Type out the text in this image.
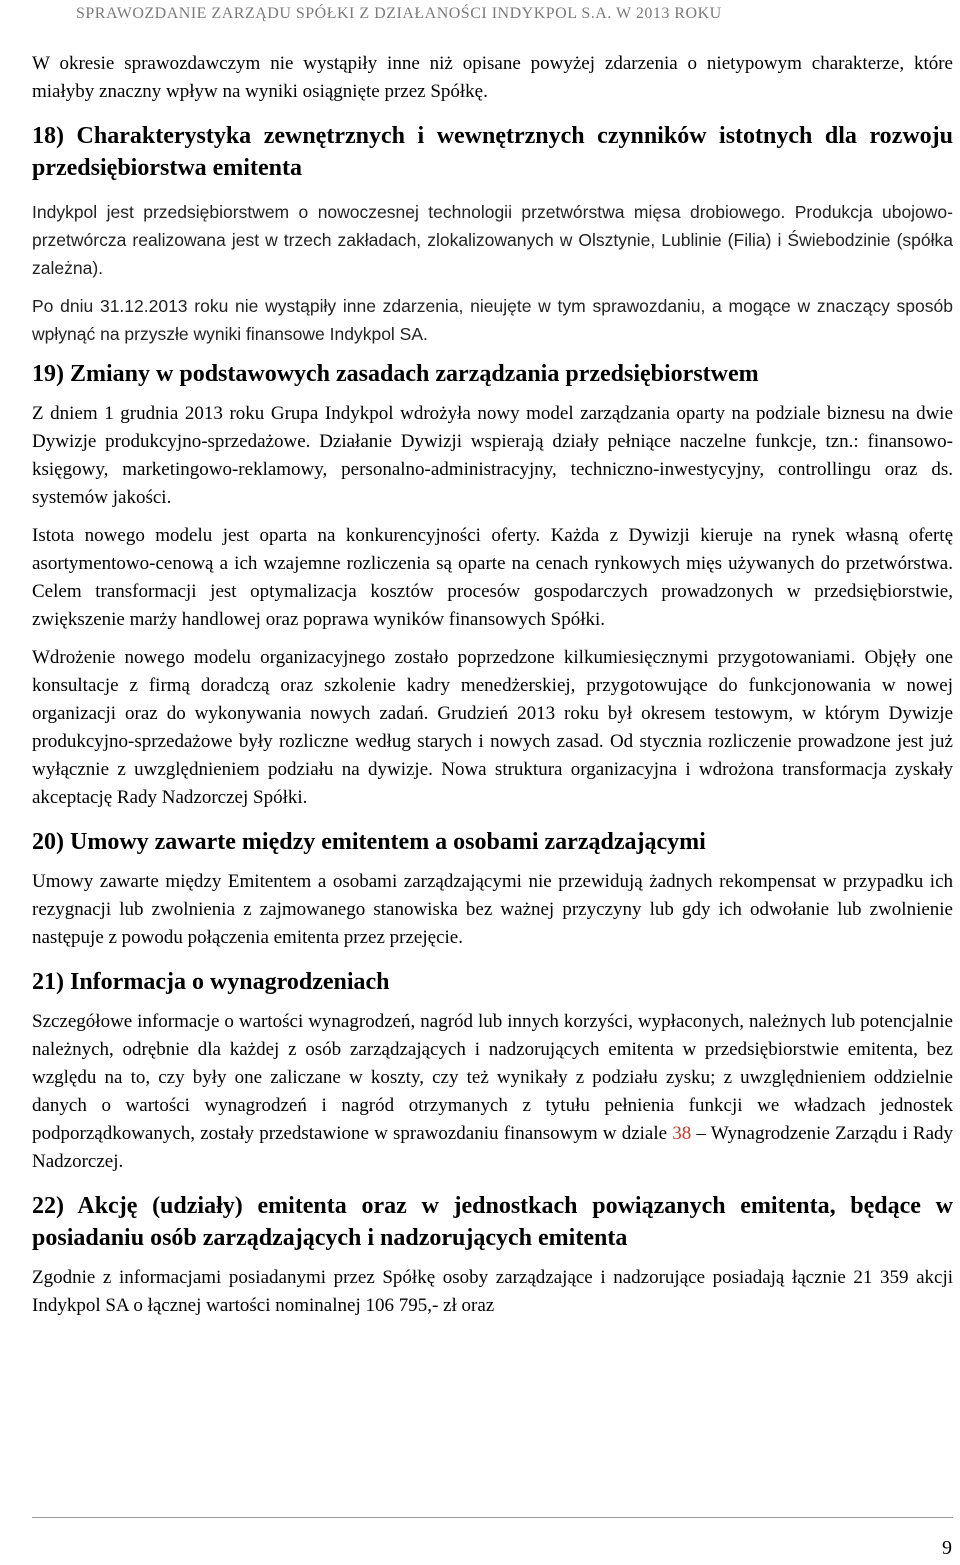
SPRAWOZDANIE ZARZĄDU SPÓŁKI Z DZIAŁANOŚCI INDYKPOL S.A. W 2013 ROKU

W okresie sprawozdawczym nie wystąpiły inne niż opisane powyżej zdarzenia o nietypowym charakterze, które miałyby znaczny wpływ na wyniki osiągnięte przez Spółkę.

18) Charakterystyka zewnętrznych i wewnętrznych czynników istotnych dla rozwoju przedsiębiorstwa emitenta

Indykpol jest przedsiębiorstwem o nowoczesnej technologii przetwórstwa mięsa drobiowego. Produkcja ubojowo-przetwórcza realizowana jest w trzech zakładach, zlokalizowanych w Olsztynie, Lublinie (Filia) i Świebodzinie (spółka zależna).

Po dniu 31.12.2013 roku nie wystąpiły inne zdarzenia, nieujęte w tym sprawozdaniu, a mogące w znaczący sposób wpłynąć na przyszłe wyniki finansowe Indykpol SA.

19) Zmiany w podstawowych zasadach zarządzania przedsiębiorstwem

Z dniem 1 grudnia 2013 roku Grupa Indykpol wdrożyła nowy model zarządzania oparty na podziale biznesu na dwie Dywizje produkcyjno-sprzedażowe. Działanie Dywizji wspierają działy pełniące naczelne funkcje, tzn.: finansowo-księgowy, marketingowo-reklamowy, personalno-administracyjny, techniczno-inwestycyjny, controllingu oraz ds. systemów jakości.

Istota nowego modelu jest oparta na konkurencyjności oferty. Każda z Dywizji kieruje na rynek własną ofertę asortymentowo-cenową a ich wzajemne rozliczenia są oparte na cenach rynkowych mięs używanych do przetwórstwa. Celem transformacji jest optymalizacja kosztów procesów gospodarczych prowadzonych w przedsiębiorstwie, zwiększenie marży handlowej oraz poprawa wyników finansowych Spółki.

Wdrożenie nowego modelu organizacyjnego zostało poprzedzone kilkumiesięcznymi przygotowaniami. Objęły one konsultacje z firmą doradczą oraz szkolenie kadry menedżerskiej, przygotowujące do funkcjonowania w nowej organizacji oraz do wykonywania nowych zadań. Grudzień 2013 roku był okresem testowym, w którym Dywizje produkcyjno-sprzedażowe były rozliczne według starych i nowych zasad. Od stycznia rozliczenie prowadzone jest już wyłącznie z uwzględnieniem podziału na dywizje. Nowa struktura organizacyjna i wdrożona transformacja zyskały akceptację Rady Nadzorczej Spółki.

20) Umowy zawarte między emitentem a osobami zarządzającymi

Umowy zawarte między Emitentem a osobami zarządzającymi nie przewidują żadnych rekompensat w przypadku ich rezygnacji lub zwolnienia z zajmowanego stanowiska bez ważnej przyczyny lub gdy ich odwołanie lub zwolnienie następuje z powodu połączenia emitenta przez przejęcie.

21) Informacja o wynagrodzeniach

Szczegółowe informacje o wartości wynagrodzeń, nagród lub innych korzyści, wypłaconych, należnych lub potencjalnie należnych, odrębnie dla każdej z osób zarządzających i nadzorujących emitenta w przedsiębiorstwie emitenta, bez względu na to, czy były one zaliczane w koszty, czy też wynikały z podziału zysku; z uwzględnieniem oddzielnie danych o wartości wynagrodzeń i nagród otrzymanych z tytułu pełnienia funkcji we władzach jednostek podporządkowanych, zostały przedstawione w sprawozdaniu finansowym w dziale 38 – Wynagrodzenie Zarządu i Rady Nadzorczej.

22) Akcję (udziały) emitenta oraz w jednostkach powiązanych emitenta, będące w posiadaniu osób zarządzających i nadzorujących emitenta

Zgodnie z informacjami posiadanymi przez Spółkę osoby zarządzające i nadzorujące posiadają łącznie 21 359 akcji Indykpol SA o łącznej wartości nominalnej 106 795,- zł oraz

9
